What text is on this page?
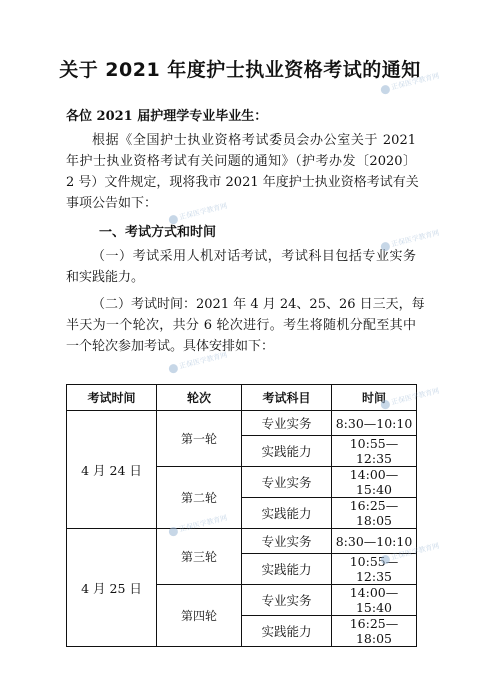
关于 2021 年度护士执业资格考试的通知
各位 2021 届护理学专业毕业生：
根据《全国护士执业资格考试委员会办公室关于 2021
年护士执业资格考试有关问题的通知》（护考办发〔2020〕
2 号）文件规定，现将我市 2021 年度护士执业资格考试有关
事项公告如下：
一、考试方式和时间
（一）考试采用人机对话考试，考试科目包括专业实务
和实践能力。
（二）考试时间：2021 年 4 月 24、25、26 日三天，每
半天为一个轮次，共分 6 轮次进行。考生将随机分配至其中
一个轮次参加考试。具体安排如下：
考试时间	轮次	考试科目	时间
4 月 24 日	第一轮	专业实务	8:30—10:10
		实践能力	10:55—12:35
	第二轮	专业实务	14:00—15:40
		实践能力	16:25—18:05
4 月 25 日	第三轮	专业实务	8:30—10:10
		实践能力	10:55—12:35
	第四轮	专业实务	14:00—15:40
		实践能力	16:25—18:05
正保医学教育网
正保医学教育网
正保医学教育网
正保医学教育网
正保医学教育网
正保医学教育网
正保医学教育网
